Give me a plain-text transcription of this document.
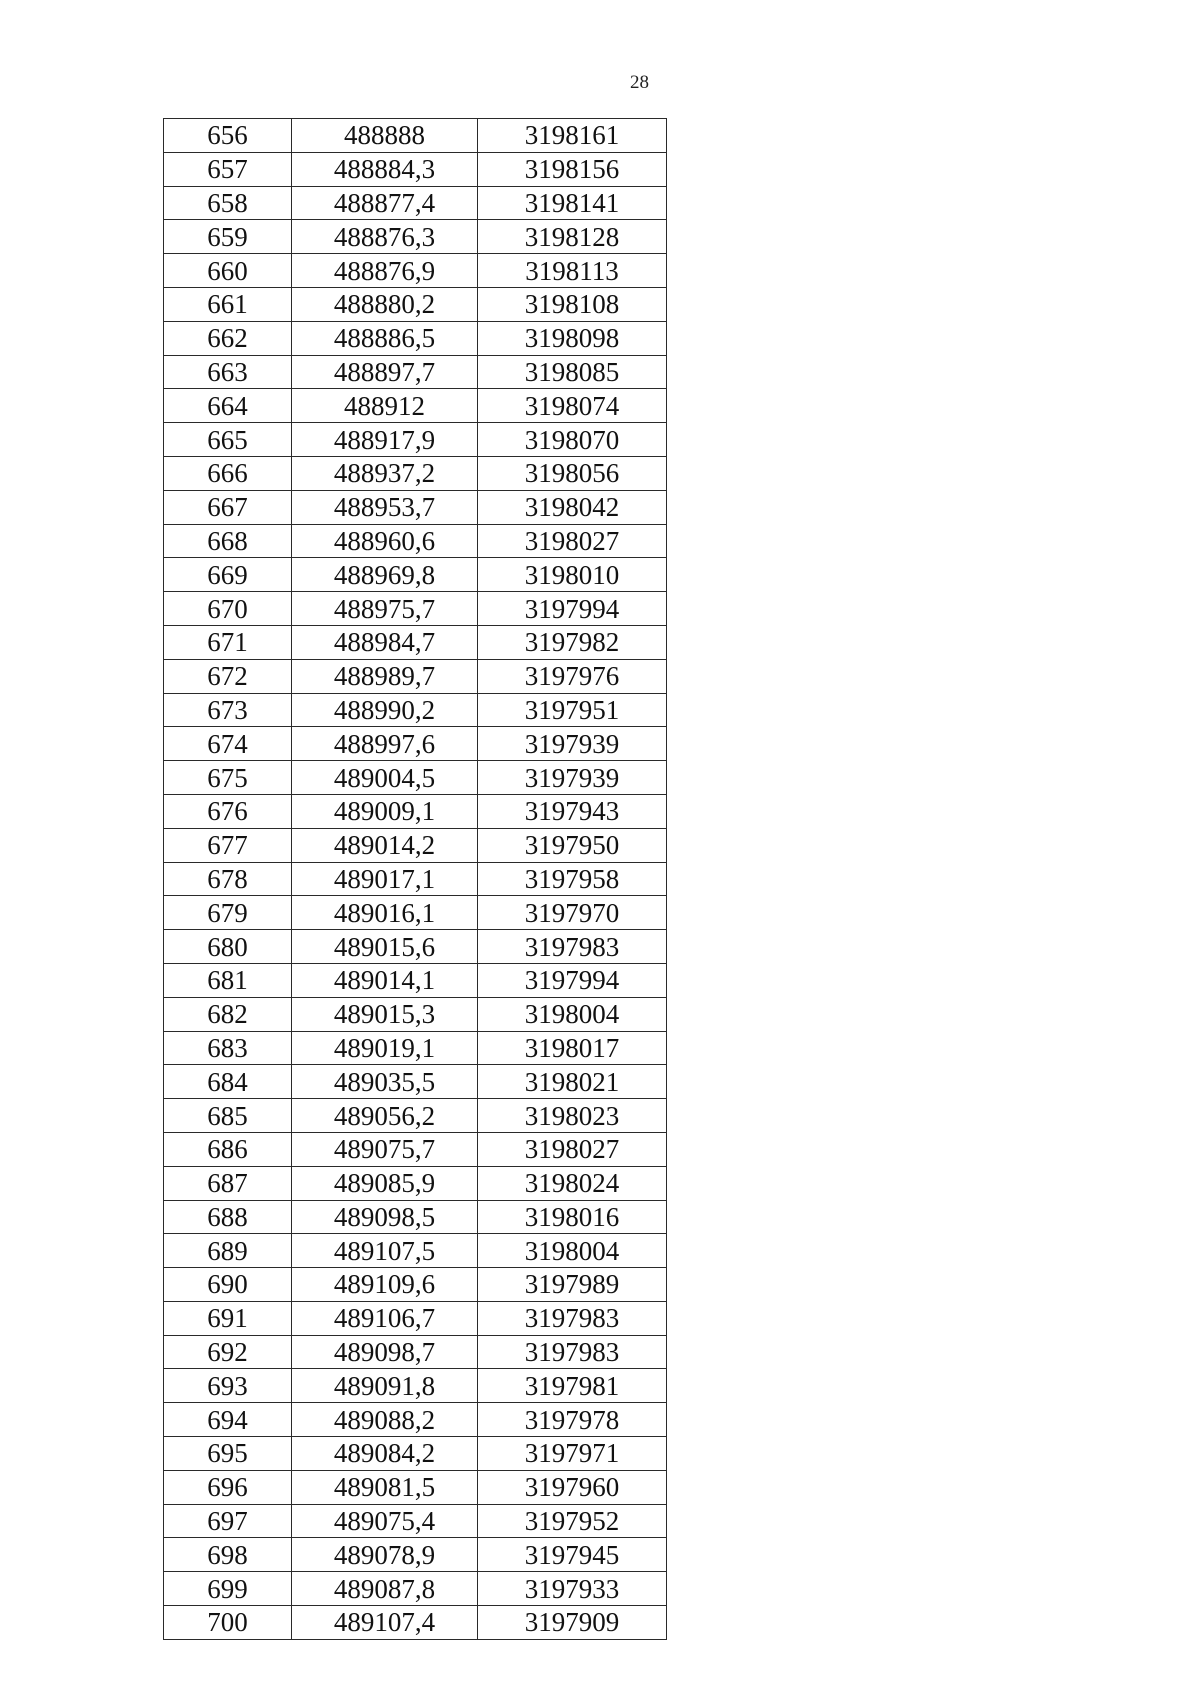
28
656	488888	3198161
657	488884,3	3198156
658	488877,4	3198141
659	488876,3	3198128
660	488876,9	3198113
661	488880,2	3198108
662	488886,5	3198098
663	488897,7	3198085
664	488912	3198074
665	488917,9	3198070
666	488937,2	3198056
667	488953,7	3198042
668	488960,6	3198027
669	488969,8	3198010
670	488975,7	3197994
671	488984,7	3197982
672	488989,7	3197976
673	488990,2	3197951
674	488997,6	3197939
675	489004,5	3197939
676	489009,1	3197943
677	489014,2	3197950
678	489017,1	3197958
679	489016,1	3197970
680	489015,6	3197983
681	489014,1	3197994
682	489015,3	3198004
683	489019,1	3198017
684	489035,5	3198021
685	489056,2	3198023
686	489075,7	3198027
687	489085,9	3198024
688	489098,5	3198016
689	489107,5	3198004
690	489109,6	3197989
691	489106,7	3197983
692	489098,7	3197983
693	489091,8	3197981
694	489088,2	3197978
695	489084,2	3197971
696	489081,5	3197960
697	489075,4	3197952
698	489078,9	3197945
699	489087,8	3197933
700	489107,4	3197909
